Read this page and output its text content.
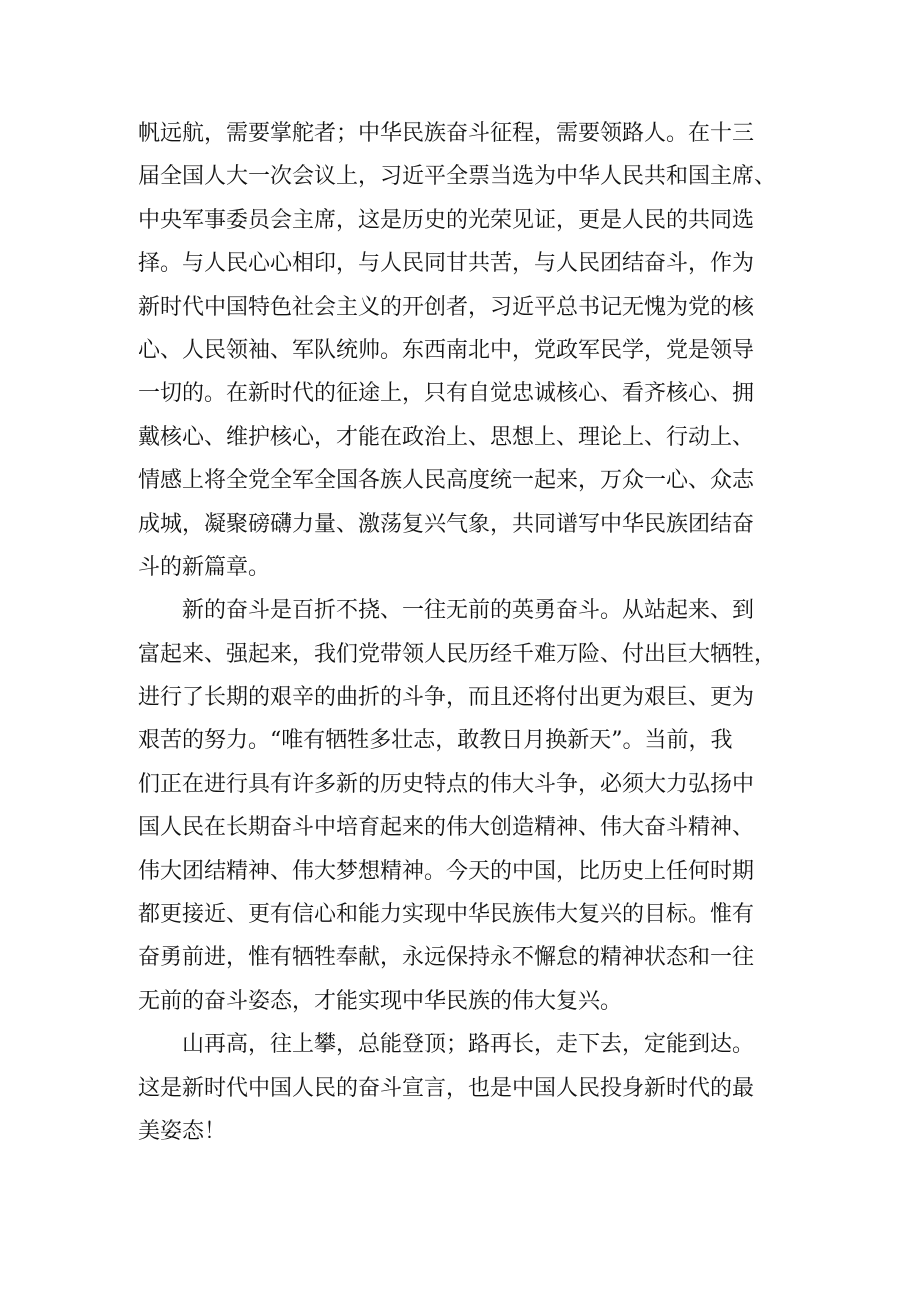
帆远航，需要掌舵者；中华民族奋斗征程，需要领路人。在十三
届全国人大一次会议上，习近平全票当选为中华人民共和国主席、
中央军事委员会主席，这是历史的光荣见证，更是人民的共同选
择。与人民心心相印，与人民同甘共苦，与人民团结奋斗，作为
新时代中国特色社会主义的开创者，习近平总书记无愧为党的核
心、人民领袖、军队统帅。东西南北中，党政军民学，党是领导
一切的。在新时代的征途上，只有自觉忠诚核心、看齐核心、拥
戴核心、维护核心，才能在政治上、思想上、理论上、行动上、
情感上将全党全军全国各族人民高度统一起来，万众一心、众志
成城，凝聚磅礴力量、激荡复兴气象，共同谱写中华民族团结奋
斗的新篇章。
新的奋斗是百折不挠、一往无前的英勇奋斗。从站起来、到
富起来、强起来，我们党带领人民历经千难万险、付出巨大牺牲，
进行了长期的艰辛的曲折的斗争，而且还将付出更为艰巨、更为
艰苦的努力。“唯有牺牲多壮志，敢教日月换新天”。当前，我
们正在进行具有许多新的历史特点的伟大斗争，必须大力弘扬中
国人民在长期奋斗中培育起来的伟大创造精神、伟大奋斗精神、
伟大团结精神、伟大梦想精神。今天的中国，比历史上任何时期
都更接近、更有信心和能力实现中华民族伟大复兴的目标。惟有
奋勇前进，惟有牺牲奉献，永远保持永不懈怠的精神状态和一往
无前的奋斗姿态，才能实现中华民族的伟大复兴。
山再高，往上攀，总能登顶；路再长，走下去，定能到达。
这是新时代中国人民的奋斗宣言，也是中国人民投身新时代的最
美姿态！
